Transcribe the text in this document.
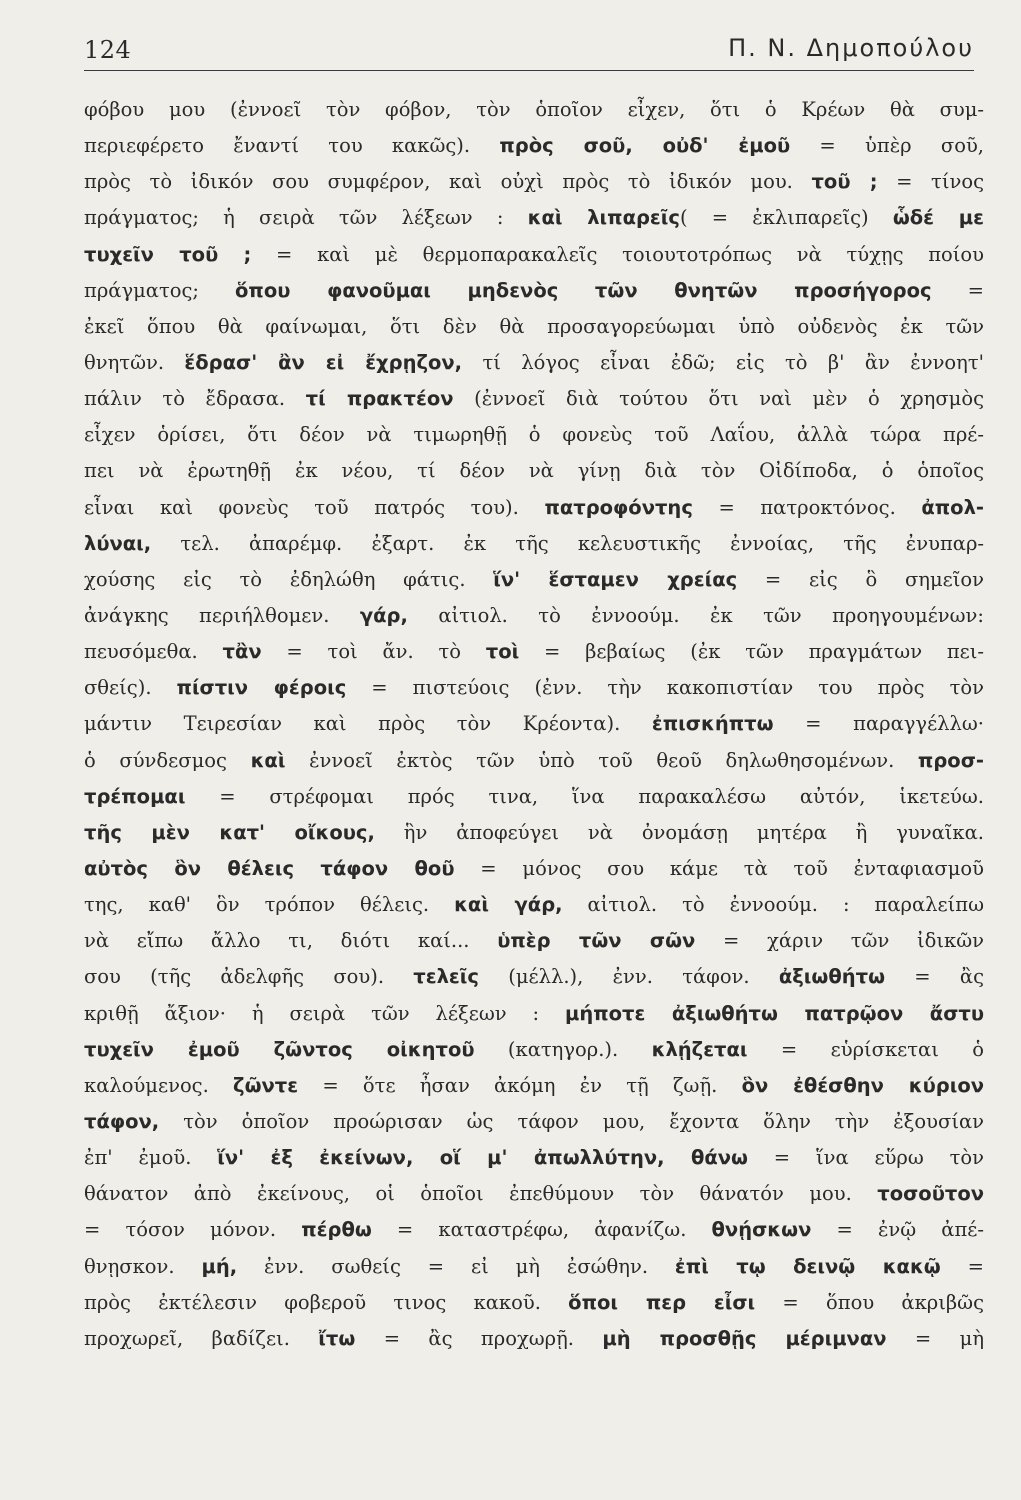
124	Π. Ν. Δημοπούλου
φόβου μου (ἐννοεῖ τὸν φόβον, τὸν ὁποῖον εἶχεν, ὅτι ὁ Κρέων θὰ συμ-
περιεφέρετο ἔναντί του κακῶς). πρὸς σοῦ, οὐδ' ἐμοῦ = ὑπὲρ σοῦ,
πρὸς τὸ ἰδικόν σου συμφέρον, καὶ οὐχὶ πρὸς τὸ ἰδικόν μου. τοῦ ; = τίνος
πράγματος; ἡ σειρὰ τῶν λέξεων : καὶ λιπαρεῖς( = ἐκλιπαρεῖς) ὧδέ με
τυχεῖν τοῦ ; = καὶ μὲ θερμοπαρακαλεῖς τοιουτοτρόπως νὰ τύχῃς ποίου
πράγματος; ὅπου φανοῦμαι μηδενὸς τῶν θνητῶν προσήγορος =
ἐκεῖ ὅπου θὰ φαίνωμαι, ὅτι δὲν θὰ προσαγορεύωμαι ὑπὸ οὐδενὸς ἐκ τῶν
θνητῶν. ἕδρασ' ἂν εἰ ἔχρῃζον, τί λόγος εἶναι ἐδῶ; εἰς τὸ β' ἂν ἐννοητ'
πάλιν τὸ ἔδρασα. τί πρακτέον (ἐννοεῖ διὰ τούτου ὅτι ναὶ μὲν ὁ χρησμὸς
εἶχεν ὁρίσει, ὅτι δέον νὰ τιμωρηθῇ ὁ φονεὺς τοῦ Λαΐου, ἀλλὰ τώρα πρέ-
πει νὰ ἐρωτηθῇ ἐκ νέου, τί δέον νὰ γίνῃ διὰ τὸν Οἰδίποδα, ὁ ὁποῖος
εἶναι καὶ φονεὺς τοῦ πατρός του). πατροφόντης = πατροκτόνος. ἀπολ-
λύναι, τελ. ἀπαρέμφ. ἐξαρτ. ἐκ τῆς κελευστικῆς ἐννοίας, τῆς ἐνυπαρ-
χούσης εἰς τὸ ἐδηλώθη φάτις. ἵν' ἕσταμεν χρείας = εἰς ὃ σημεῖον
ἀνάγκης περιήλθομεν. γάρ, αἰτιολ. τὸ ἐννοούμ. ἐκ τῶν προηγουμένων:
πευσόμεθα. τἂν = τοὶ ἄν. τὸ τοὶ = βεβαίως (ἐκ τῶν πραγμάτων πει-
σθείς). πίστιν φέροις = πιστεύοις (ἐνν. τὴν κακοπιστίαν του πρὸς τὸν
μάντιν Τειρεσίαν καὶ πρὸς τὸν Κρέοντα). ἐπισκήπτω = παραγγέλλω·
ὁ σύνδεσμος καὶ ἐννοεῖ ἐκτὸς τῶν ὑπὸ τοῦ θεοῦ δηλωθησομένων. προσ-
τρέπομαι = στρέφομαι πρός τινα, ἵνα παρακαλέσω αὐτόν, ἱκετεύω.
τῆς μὲν κατ' οἴκους, ἣν ἀποφεύγει νὰ ὀνομάσῃ μητέρα ἢ γυναῖκα.
αὐτὸς ὃν θέλεις τάφον θοῦ = μόνος σου κάμε τὰ τοῦ ἐνταφιασμοῦ
της, καθ' ὃν τρόπον θέλεις. καὶ γάρ, αἰτιολ. τὸ ἐννοούμ. : παραλείπω
νὰ εἴπω ἄλλο τι, διότι καί... ὑπὲρ τῶν σῶν = χάριν τῶν ἰδικῶν
σου (τῆς ἀδελφῆς σου). τελεῖς (μέλλ.), ἐνν. τάφον. ἀξιωθήτω = ἂς
κριθῇ ἄξιον· ἡ σειρὰ τῶν λέξεων : μήποτε ἀξιωθήτω πατρῷον ἄστυ
τυχεῖν ἐμοῦ ζῶντος οἰκητοῦ (κατηγορ.). κλῄζεται = εὑρίσκεται ὁ
καλούμενος. ζῶντε = ὅτε ἦσαν ἀκόμη ἐν τῇ ζωῇ. ὃν ἐθέσθην κύριον
τάφον, τὸν ὁποῖον προώρισαν ὡς τάφον μου, ἔχοντα ὅλην τὴν ἐξουσίαν
ἐπ' ἐμοῦ. ἵν' ἐξ ἐκείνων, οἵ μ' ἀπωλλύτην, θάνω = ἵνα εὕρω τὸν
θάνατον ἀπὸ ἐκείνους, οἱ ὁποῖοι ἐπεθύμουν τὸν θάνατόν μου. τοσοῦτον
= τόσον μόνον. πέρθω = καταστρέφω, ἀφανίζω. θνῄσκων = ἐνῷ ἀπέ-
θνῃσκον. μή, ἐνν. σωθείς = εἰ μὴ ἐσώθην. ἐπὶ τῳ δεινῷ κακῷ =
πρὸς ἐκτέλεσιν φοβεροῦ τινος κακοῦ. ὅποι περ εἶσι = ὅπου ἀκριβῶς
προχωρεῖ, βαδίζει. ἴτω = ἂς προχωρῇ. μὴ προσθῇς μέριμναν = μὴ
